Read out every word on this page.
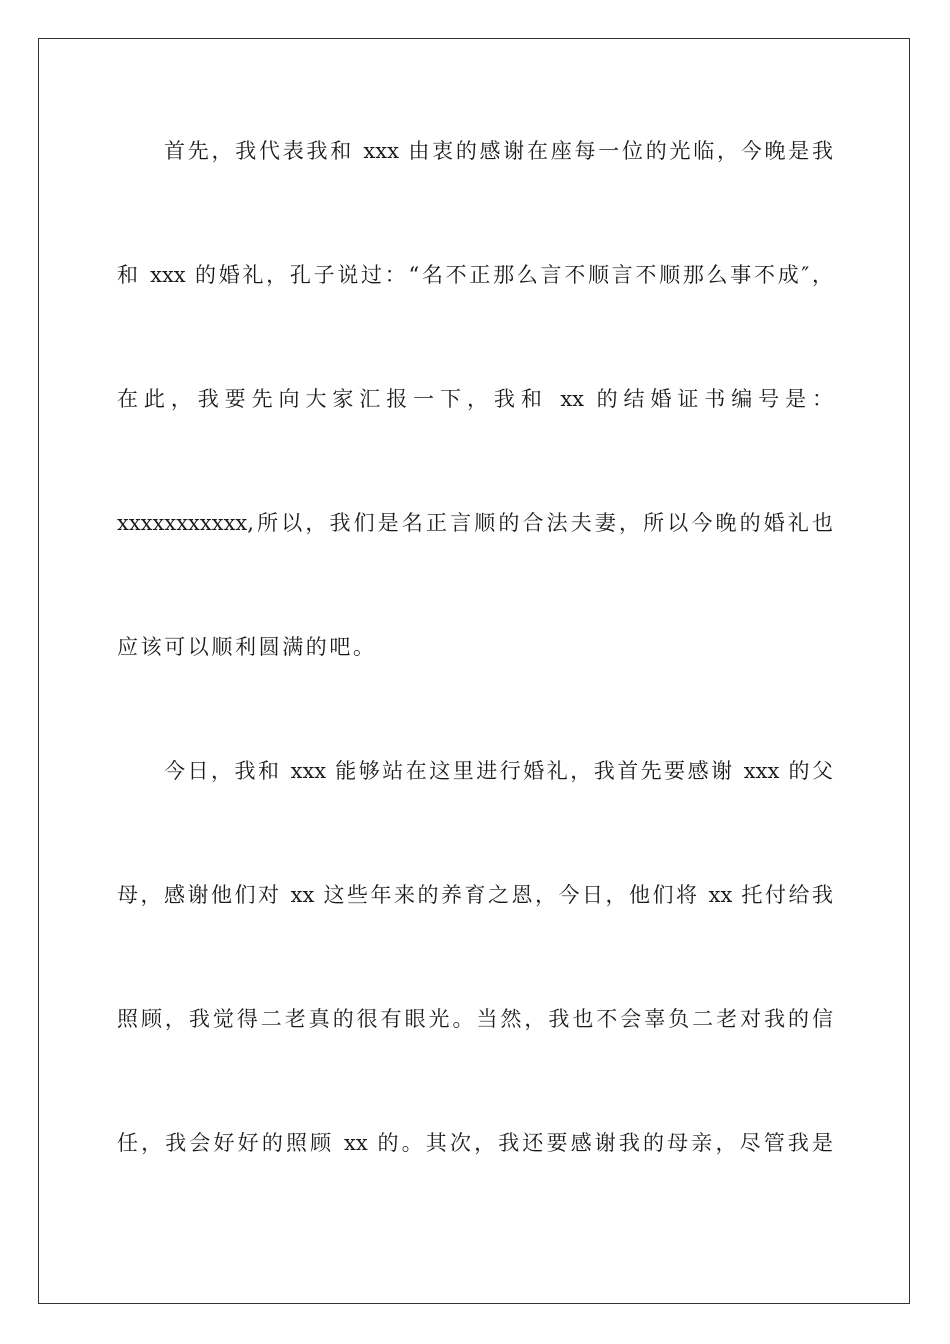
首先，我代表我和 xxx 由衷的感谢在座每一位的光临，今晚是我
和 xxx 的婚礼，孔子说过：“名不正那么言不顺言不顺那么事不成″，
在此，我要先向大家汇报一下，我和 xx 的结婚证书编号是：
xxxxxxxxxxx,所以，我们是名正言顺的合法夫妻，所以今晚的婚礼也
应该可以顺利圆满的吧。
今日，我和 xxx 能够站在这里进行婚礼，我首先要感谢 xxx 的父
母，感谢他们对 xx 这些年来的养育之恩，今日，他们将 xx 托付给我
照顾，我觉得二老真的很有眼光。当然，我也不会辜负二老对我的信
任，我会好好的照顾 xx 的。其次，我还要感谢我的母亲，尽管我是
